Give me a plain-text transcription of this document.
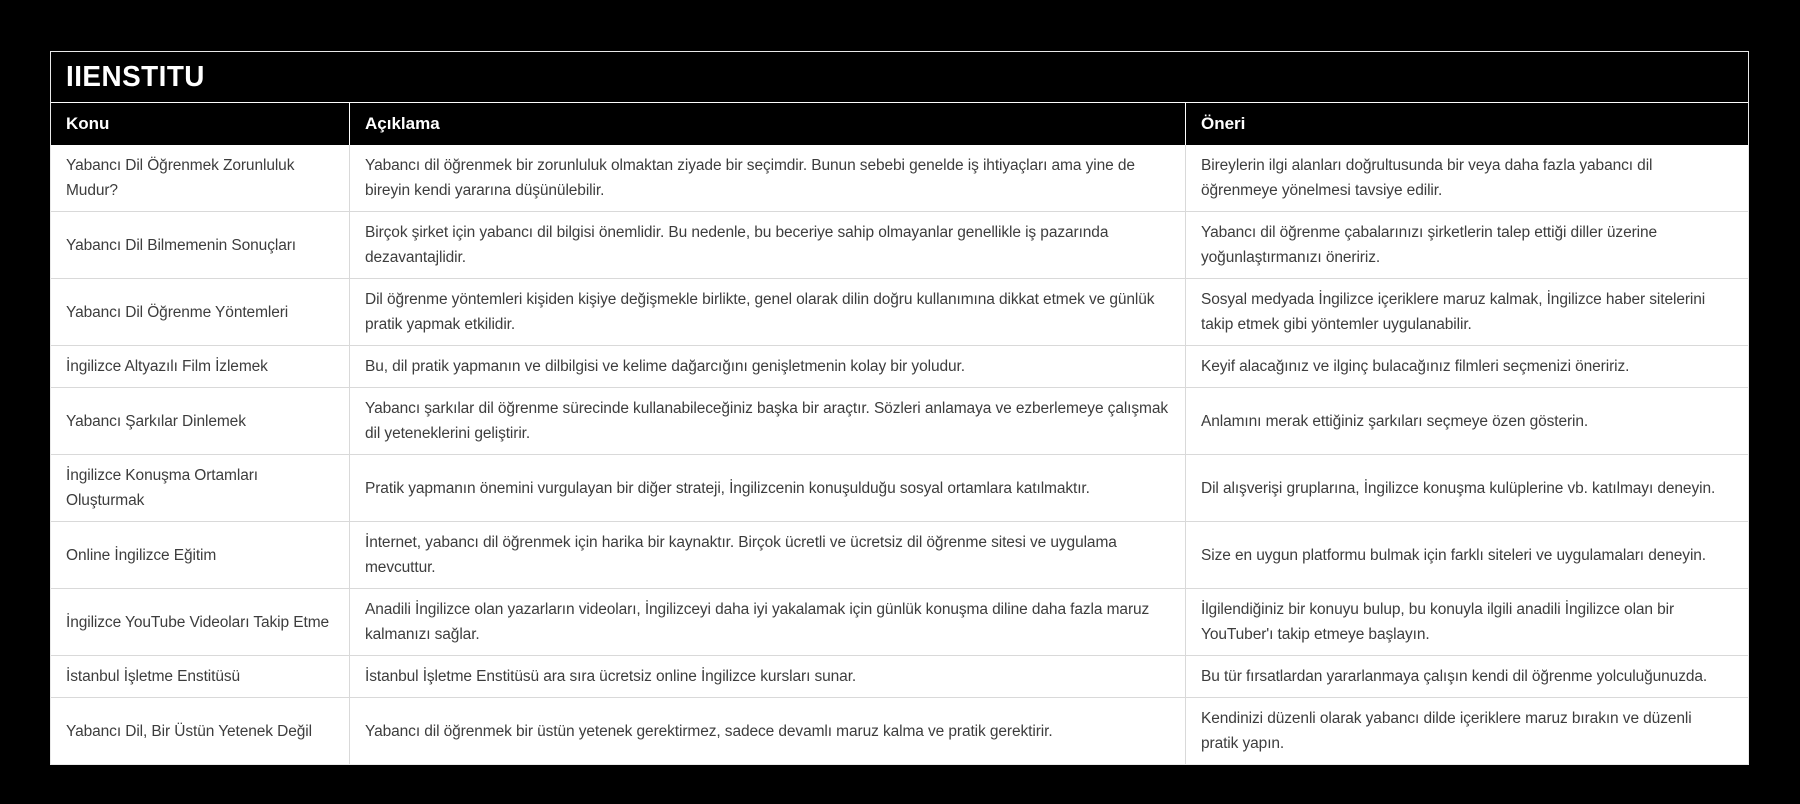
IIENSTITU
Konu	Açıklama	Öneri
Yabancı Dil Öğrenmek Zorunluluk Mudur?	Yabancı dil öğrenmek bir zorunluluk olmaktan ziyade bir seçimdir. Bunun sebebi genelde iş ihtiyaçları ama yine de bireyin kendi yararına düşünülebilir.	Bireylerin ilgi alanları doğrultusunda bir veya daha fazla yabancı dil öğrenmeye yönelmesi tavsiye edilir.
Yabancı Dil Bilmemenin Sonuçları	Birçok şirket için yabancı dil bilgisi önemlidir. Bu nedenle, bu beceriye sahip olmayanlar genellikle iş pazarında dezavantajlidir.	Yabancı dil öğrenme çabalarınızı şirketlerin talep ettiği diller üzerine yoğunlaştırmanızı öneririz.
Yabancı Dil Öğrenme Yöntemleri	Dil öğrenme yöntemleri kişiden kişiye değişmekle birlikte, genel olarak dilin doğru kullanımına dikkat etmek ve günlük pratik yapmak etkilidir.	Sosyal medyada İngilizce içeriklere maruz kalmak, İngilizce haber sitelerini takip etmek gibi yöntemler uygulanabilir.
İngilizce Altyazılı Film İzlemek	Bu, dil pratik yapmanın ve dilbilgisi ve kelime dağarcığını genişletmenin kolay bir yoludur.	Keyif alacağınız ve ilginç bulacağınız filmleri seçmenizi öneririz.
Yabancı Şarkılar Dinlemek	Yabancı şarkılar dil öğrenme sürecinde kullanabileceğiniz başka bir araçtır. Sözleri anlamaya ve ezberlemeye çalışmak dil yeteneklerini geliştirir.	Anlamını merak ettiğiniz şarkıları seçmeye özen gösterin.
İngilizce Konuşma Ortamları Oluşturmak	Pratik yapmanın önemini vurgulayan bir diğer strateji, İngilizcenin konuşulduğu sosyal ortamlara katılmaktır.	Dil alışverişi gruplarına, İngilizce konuşma kulüplerine vb. katılmayı deneyin.
Online İngilizce Eğitim	İnternet, yabancı dil öğrenmek için harika bir kaynaktır. Birçok ücretli ve ücretsiz dil öğrenme sitesi ve uygulama mevcuttur.	Size en uygun platformu bulmak için farklı siteleri ve uygulamaları deneyin.
İngilizce YouTube Videoları Takip Etme	Anadili İngilizce olan yazarların videoları, İngilizceyi daha iyi yakalamak için günlük konuşma diline daha fazla maruz kalmanızı sağlar.	İlgilendiğiniz bir konuyu bulup, bu konuyla ilgili anadili İngilizce olan bir YouTuber'ı takip etmeye başlayın.
İstanbul İşletme Enstitüsü	İstanbul İşletme Enstitüsü ara sıra ücretsiz online İngilizce kursları sunar.	Bu tür fırsatlardan yararlanmaya çalışın kendi dil öğrenme yolculuğunuzda.
Yabancı Dil, Bir Üstün Yetenek Değil	Yabancı dil öğrenmek bir üstün yetenek gerektirmez, sadece devamlı maruz kalma ve pratik gerektirir.	Kendinizi düzenli olarak yabancı dilde içeriklere maruz bırakın ve düzenli pratik yapın.
